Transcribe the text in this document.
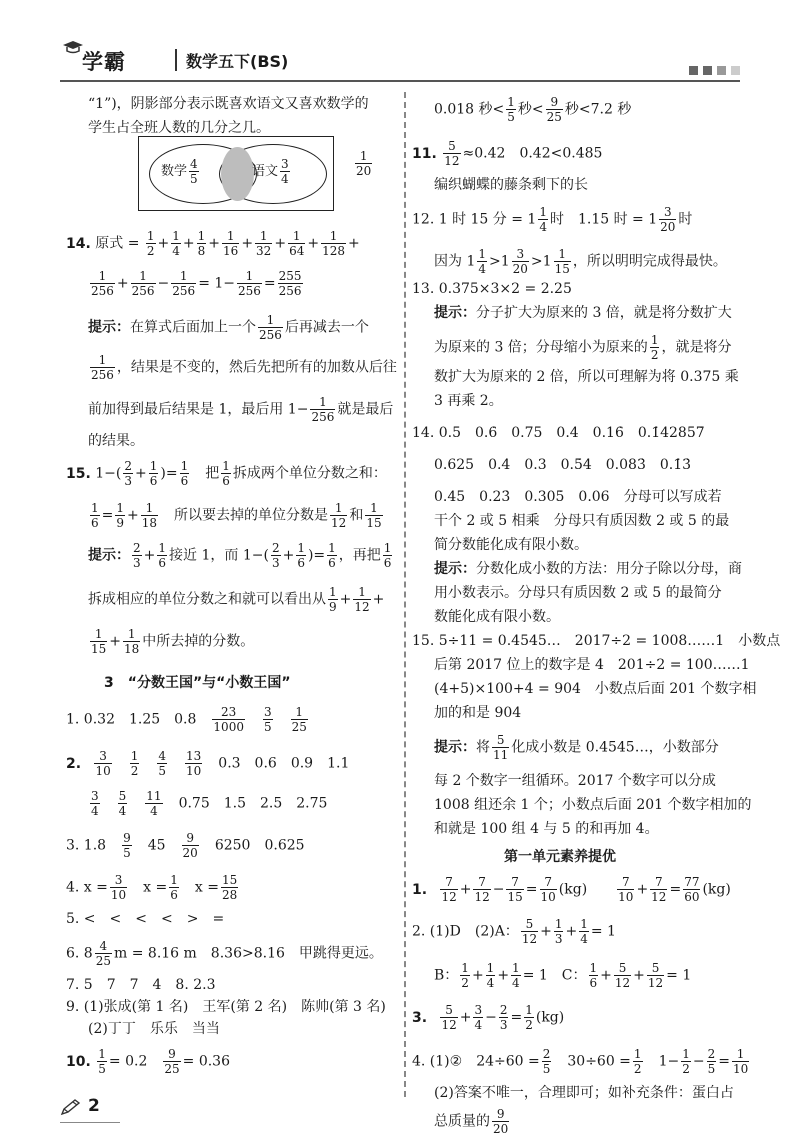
学霸	数学五下(BS)
“1”)，阴影部分表示既喜欢语文又喜欢数学的
学生占全班人数的几分之几。
数学 $\frac{4}{5}$	语文 $\frac{3}{4}$	$\frac{1}{20}$
14. 原式 = $\frac{1}{2} + \frac{1}{4} + \frac{1}{8} + \frac{1}{16} + \frac{1}{32} + \frac{1}{64} + \frac{1}{128}$ +
$\frac{1}{256} + \frac{1}{256} - \frac{1}{256} = 1- \frac{1}{256} = \frac{255}{256}$
提示：在算式后面加上一个 $\frac{1}{256}$ 后再减去一个
$\frac{1}{256}$ ，结果是不变的，然后先把所有的加数从后往
前加得到最后结果是 1，最后用 $1- \frac{1}{256}$ 就是最后
的结果。
15. $1-( \frac{2}{3} + \frac{1}{6}$ )= $\frac{1}{6}$
　 把 $\frac{1}{6}$ 拆成两个单位分数之和：
$\frac{1}{6} = \frac{1}{9} + \frac{1}{18}$
　 所以要去掉的单位分数是 $\frac{1}{12}$ 和 $\frac{1}{15}$
提示： $\frac{2}{3} + \frac{1}{6}$ 接近 1，而 $1-( \frac{2}{3} + \frac{1}{6}$ )= $\frac{1}{6}$ ，再把 $\frac{1}{6}$
拆成相应的单位分数之和就可以看出从 $\frac{1}{9} + \frac{1}{12}$ +
$\frac{1}{15} + \frac{1}{18}$ 中所去掉的分数。
3　“分数王国”与“小数王国”
1. 0.32　1.25　0.8　 $\frac{23}{1000}$
　 $\frac{3}{5}$
　 $\frac{1}{25}$
2. $\frac{3}{10}$
　 $\frac{1}{2}$
　 $\frac{4}{5}$
　 $\frac{13}{10}$
　 0.3　0.6　0.9　1.1
$\frac{3}{4}$
　 $\frac{5}{4}$
　 $\frac{11}{4}$
　 0.75　1.5　2.5　2.75
3. 1.8　 $\frac{9}{5}$
　 45　 $\frac{9}{20}$
　 6250　0.625
4. $x = \frac{3}{10}$
　 $x = \frac{1}{6}$
　 $x = \frac{15}{28}$
5. <　<　<　<　>　=
6. $8 \frac{4}{25}$ m = 8.16 m　8.36>8.16　甲跳得更远。
7. 5　7　7　4　8. 2.3
9. (1)张成(第 1 名)　王军(第 2 名)　陈帅(第 3 名)
(2)丁丁　乐乐　当当
10. $\frac{1}{5} = 0.2$　 $\frac{9}{25} = 0.36$
0.018 秒< $\frac{1}{5}$ 秒< $\frac{9}{25}$ 秒<7.2 秒
11. $\frac{5}{12} \approx 0.42$　0.42<0.485
编织蝴蝶的藤条剩下的长
12. 1 时 15 分 = $1 \frac{1}{4}$ 时　1.15 时 = $1 \frac{3}{20}$ 时
因为 $1 \frac{1}{4} >1 \frac{3}{20} >1 \frac{1}{15}$ ，所以明明完成得最快。
13. 0.375×3×2 = 2.25
提示：分子扩大为原来的 3 倍，就是将分数扩大
为原来的 3 倍；分母缩小为原来的 $\frac{1}{2}$ ，就是将分
数扩大为原来的 2 倍，所以可理解为将 0.375 乘
3 再乘 2。
14. 0.5　0.6̇　0.75　0.4　0.16̇　0.1̇42857̇
0.625　0.4̇　0.3　0.5̇4̇　0.083̇　0.1̇3̇
0.45　0.23̇　0.305̇　0.06　分母可以写成若
干个 2 或 5 相乘　分母只有质因数 2 或 5 的最
简分数能化成有限小数。
提示：分数化成小数的方法：用分子除以分母，商
用小数表示。分母只有质因数 2 或 5 的最简分
数能化成有限小数。
15. 5÷11 = 0.4545…　2017÷2 = 1008……1　小数点
后第 2017 位上的数字是 4　201÷2 = 100……1
(4+5)×100+4 = 904　小数点后面 201 个数字相
加的和是 904
提示：将 $\frac{5}{11}$ 化成小数是 0.4545…，小数部分
每 2 个数字一组循环。2017 个数字可以分成
1008 组还余 1 个；小数点后面 201 个数字相加的
和就是 100 组 4 与 5 的和再加 4。
第一单元素养提优
1. $\frac{7}{12} + \frac{7}{12} - \frac{7}{15} = \frac{7}{10} (kg)$　　	$\frac{7}{10} + \frac{7}{12} = \frac{77}{60} (kg)$
2. (1)D　(2)A： $\frac{5}{12} + \frac{1}{3} + \frac{1}{4} = 1$
B： $\frac{1}{2} + \frac{1}{4} + \frac{1}{4} = 1$　C： $\frac{1}{6} + \frac{5}{12} + \frac{5}{12} = 1$
3. $\frac{5}{12} + \frac{3}{4} - \frac{2}{3} = \frac{1}{2} (kg)$
4. (1)②　$24\div 60 = \frac{2}{5}$
　 $30\div 60 = \frac{1}{2}$
　 $1- \frac{1}{2} - \frac{2}{5} = \frac{1}{10}$
(2)答案不唯一，合理即可；如补充条件：蛋白占
总质量的 $\frac{9}{20}$
2
